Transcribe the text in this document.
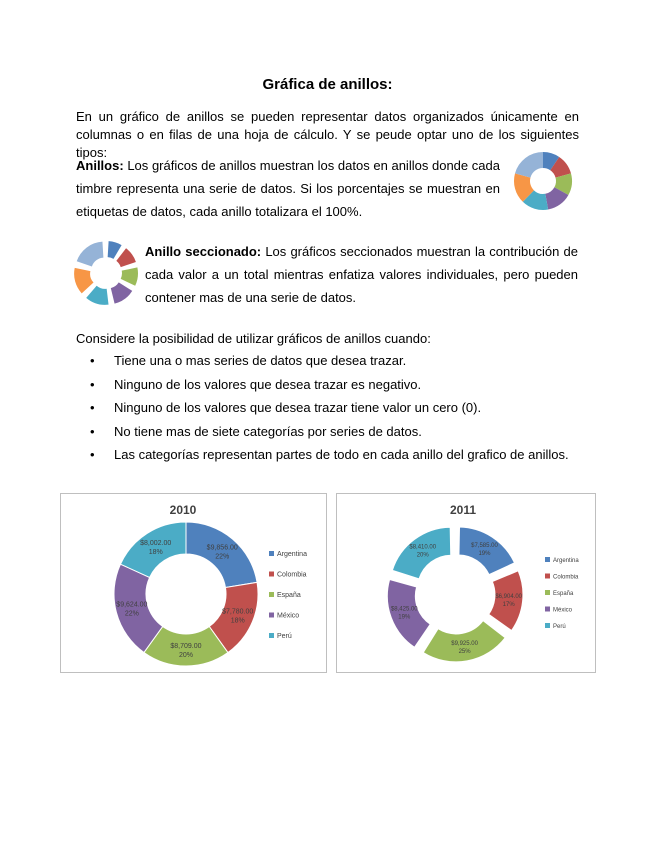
Gráfica de anillos:

En un gráfico de anillos se pueden representar datos organizados únicamente en columnas o en filas de una hoja de cálculo. Y se peude optar uno de los siguientes tipos:

Anillos: Los gráficos de anillos muestran los datos en anillos donde cada timbre representa una serie de datos. Si los porcentajes se muestran en etiquetas de datos, cada anillo totalizara el 100%.

Anillo seccionado: Los gráficos seccionados muestran la contribución de cada valor a un total mientras enfatiza valores individuales, pero pueden contener mas de una serie de datos.

Considere la posibilidad de utilizar gráficos de anillos cuando:

• Tiene una o mas series de datos que desea trazar.
• Ninguno de los valores que desea trazar es negativo.
• Ninguno de los valores que desea trazar tiene valor un cero (0).
• No tiene mas de siete categorías por series de datos.
• Las categorías representan partes de todo en cada anillo del grafico de anillos.
2010
$9,856.00 22%
$7,780.00 18%
$8,709.00 20%
$9,624.00 22%
$8,002.00 18%	Argentina
Colombia
España
México
Perú
2011
$7,585.00 19%
$6,904.00 17%
$9,925.00 25%
$8,425.00 19%
$8,410.00 20%
Argentina
Colombia
España
México
Perú
